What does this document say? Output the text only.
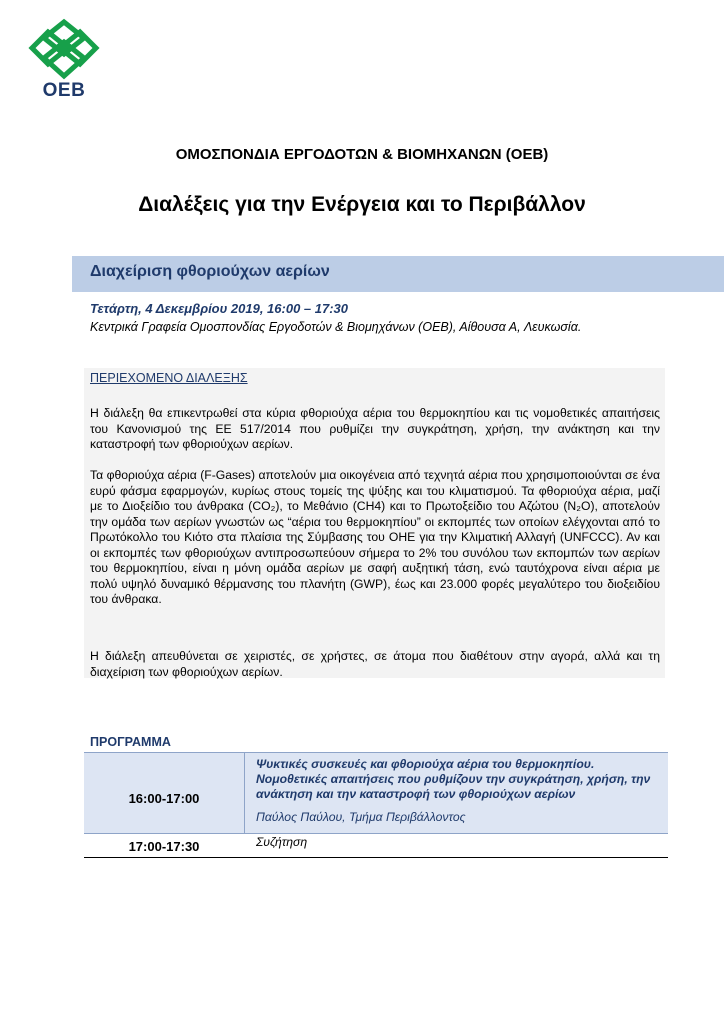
OEB
ΟΜΟΣΠΟΝΔΙΑ ΕΡΓΟΔΟΤΩΝ & ΒΙΟΜΗΧΑΝΩΝ (ΟΕΒ)
Διαλέξεις για την Ενέργεια και το Περιβάλλον
Διαχείριση φθοριούχων αερίων
Τετάρτη, 4 Δεκεμβρίου 2019, 16:00 – 17:30
Κεντρικά Γραφεία Ομοσπονδίας Εργοδοτών & Βιομηχάνων (ΟΕΒ), Αίθουσα Α, Λευκωσία.
ΠΕΡΙΕΧΟΜΕΝΟ ΔΙΑΛΕΞΗΣ
Η διάλεξη θα επικεντρωθεί στα κύρια φθοριούχα αέρια του θερμοκηπίου και τις νομοθετικές απαιτήσεις του Κανονισμού της ΕΕ 517/2014 που ρυθμίζει την συγκράτηση, χρήση, την ανάκτηση και την καταστροφή των φθοριούχων αερίων.
Τα φθοριούχα αέρια (F-Gases) αποτελούν μια οικογένεια από τεχνητά αέρια που χρησιμοποιούνται σε ένα ευρύ φάσμα εφαρμογών, κυρίως στους τομείς της ψύξης και του κλιματισμού. Τα φθοριούχα αέρια, μαζί με το Διοξείδιο του άνθρακα (CO₂), το Μεθάνιο (CH4) και το Πρωτοξείδιο του Αζώτου (N₂O), αποτελούν την ομάδα των αερίων γνωστών ως “αέρια του θερμοκηπίου” οι εκπομπές των οποίων ελέγχονται από το Πρωτόκολλο του Κιότο στα πλαίσια της Σύμβασης του ΟΗΕ για την Κλιματική Αλλαγή (UNFCCC). Αν και οι εκπομπές των φθοριούχων αντιπροσωπεύουν σήμερα το 2% του συνόλου των εκπομπών των αερίων του θερμοκηπίου, είναι η μόνη ομάδα αερίων με σαφή αυξητική τάση, ενώ ταυτόχρονα είναι αέρια με πολύ υψηλό δυναμικό θέρμανσης του πλανήτη (GWP), έως και 23.000 φορές μεγαλύτερο του διοξειδίου του άνθρακα.
Η διάλεξη απευθύνεται σε χειριστές, σε χρήστες, σε άτομα που διαθέτουν στην αγορά, αλλά και τη διαχείριση των φθοριούχων αερίων.
ΠΡΟΓΡΑΜΜΑ
16:00-17:00
Ψυκτικές συσκευές και φθοριούχα αέρια του θερμοκηπίου. Νομοθετικές απαιτήσεις που ρυθμίζουν την συγκράτηση, χρήση, την ανάκτηση και την καταστροφή των φθοριούχων αερίων
Παύλος Παύλου, Τμήμα Περιβάλλοντος
17:00-17:30	Συζήτηση
